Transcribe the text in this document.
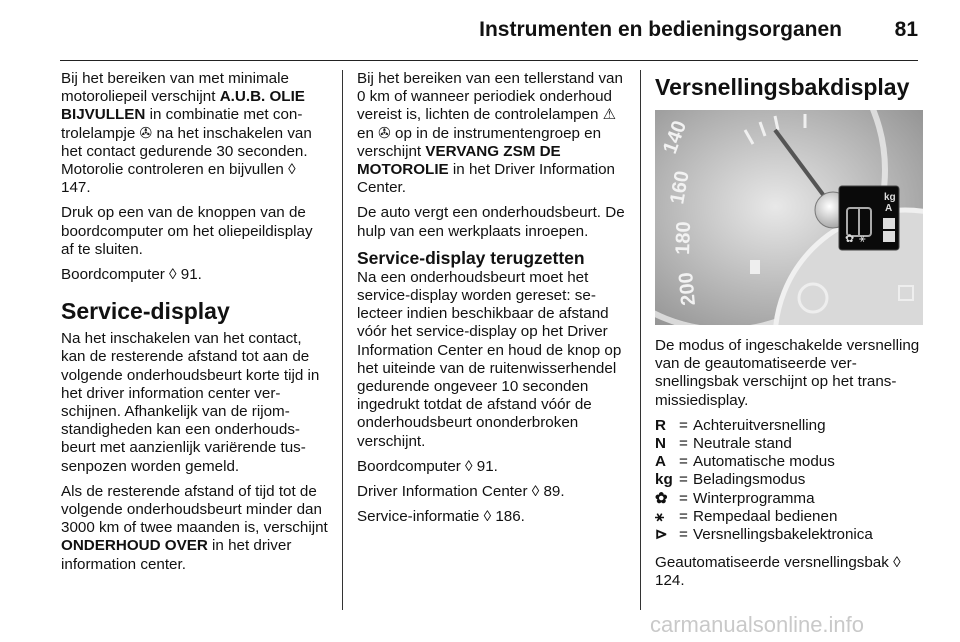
Instrumenten en bedieningsorganen	81

Bij het bereiken van met minimale motoroliepeil verschijnt A.U.B. OLIE BIJVULLEN in combinatie met controlelampje ✇ na het inschakelen van het contact gedurende 30 seconden. Motorolie controleren en bijvullen ◊ 147.

Druk op een van de knoppen van de boordcomputer om het oliepeildisplay af te sluiten.

Boordcomputer ◊ 91.

Service-display

Na het inschakelen van het contact, kan de resterende afstand tot aan de volgende onderhoudsbeurt korte tijd in het driver information center verschijnen. Afhankelijk van de rijomstandigheden kan een onderhoudsbeurt met aanzienlijk variërende tussenpozen worden gemeld.

Als de resterende afstand of tijd tot de volgende onderhoudsbeurt minder dan 3000 km of twee maanden is, verschijnt ONDERHOUD OVER in het driver information center.

Bij het bereiken van een tellerstand van 0 km of wanneer periodiek onderhoud vereist is, lichten de controlelampen ⚠ en ✇ op in de instrumentengroep en verschijnt VERVANG ZSM DE MOTOROLIE in het Driver Information Center.

De auto vergt een onderhoudsbeurt. De hulp van een werkplaats inroepen.

Service-display terugzetten

Na een onderhoudsbeurt moet het service-display worden gereset: selecteer indien beschikbaar de afstand vóór het service-display op het Driver Information Center en houd de knop op het uiteinde van de ruitenwisserhendel gedurende ongeveer 10 seconden ingedrukt totdat de afstand vóór de onderhoudsbeurt ononderbroken verschijnt.

Boordcomputer ◊ 91.

Driver Information Center ◊ 89.

Service-informatie ◊ 186.

Versnellingsbakdisplay
140
160
180
200
kg
A
✿ ⚹

De modus of ingeschakelde versnelling van de geautomatiseerde versnellingsbak verschijnt op het transmissiedisplay.

R = Achteruitversnelling
N = Neutrale stand
A = Automatische modus
kg = Beladingsmodus
✿ = Winterprogramma
⚹ = Rempedaal bedienen
⊳ = Versnellingsbakelektronica

Geautomatiseerde versnellingsbak ◊ 124.

carmanualsonline.info
